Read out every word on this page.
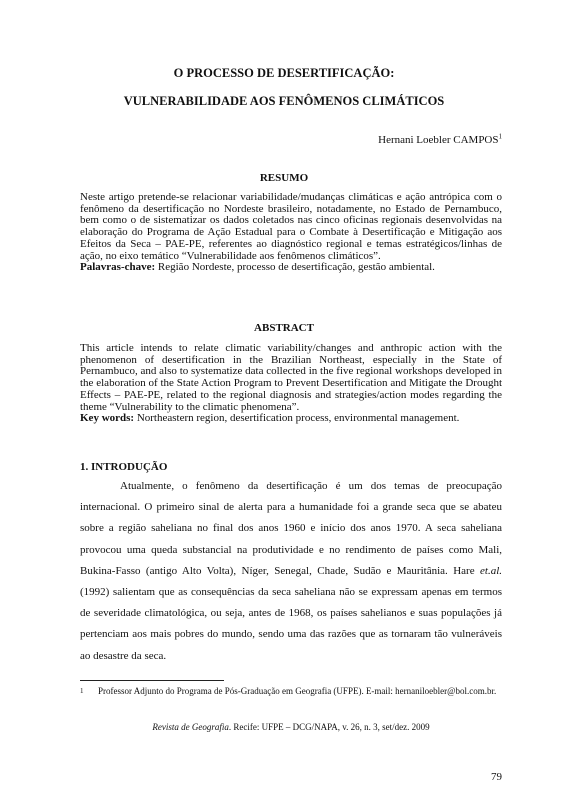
O PROCESSO DE DESERTIFICAÇÃO:
VULNERABILIDADE AOS FENÔMENOS CLIMÁTICOS
Hernani Loebler CAMPOS$^1$
RESUMO

Neste artigo pretende-se relacionar variabilidade/mudanças climáticas e ação antrópica com o fenômeno da desertificação no Nordeste brasileiro, notadamente, no Estado de Pernambuco, bem como o de sistematizar os dados coletados nas cinco oficinas regionais desenvolvidas na elaboração do Programa de Ação Estadual para o Combate à Desertificação e Mitigação aos Efeitos da Seca – PAE-PE, referentes ao diagnóstico regional e temas estratégicos/linhas de ação, no eixo temático “Vulnerabilidade aos fenômenos climáticos”.
Palavras-chave: Região Nordeste, processo de desertificação, gestão ambiental.

ABSTRACT

This article intends to relate climatic variability/changes and anthropic action with the phenomenon of desertification in the Brazilian Northeast, especially in the State of Pernambuco, and also to systematize data collected in the five regional workshops developed in the elaboration of the State Action Program to Prevent Desertification and Mitigate the Drought Effects – PAE-PE, related to the regional diagnosis and strategies/action modes regarding the theme “Vulnerability to the climatic phenomena”.
Key words: Northeastern region, desertification process, environmental management.

1. INTRODUÇÃO

Atualmente, o fenômeno da desertificação é um dos temas de preocupação internacional. O primeiro sinal de alerta para a humanidade foi a grande seca que se abateu sobre a região saheliana no final dos anos 1960 e início dos anos 1970. A seca saheliana provocou uma queda substancial na produtividade e no rendimento de países como Mali, Bukina-Fasso (antigo Alto Volta), Níger, Senegal, Chade, Sudão e Mauritânia. Hare et.al. (1992) salientam que as consequências da seca saheliana não se expressam apenas em termos de severidade climatológica, ou seja, antes de 1968, os países sahelianos e suas populações já pertenciam aos mais pobres do mundo, sendo uma das razões que as tornaram tão vulneráveis ao desastre da seca.

1 Professor Adjunto do Programa de Pós-Graduação em Geografia (UFPE). E-mail: hernaniloebler@bol.com.br.
Revista de Geografia. Recife: UFPE – DCG/NAPA, v. 26, n. 3, set/dez. 2009
79
